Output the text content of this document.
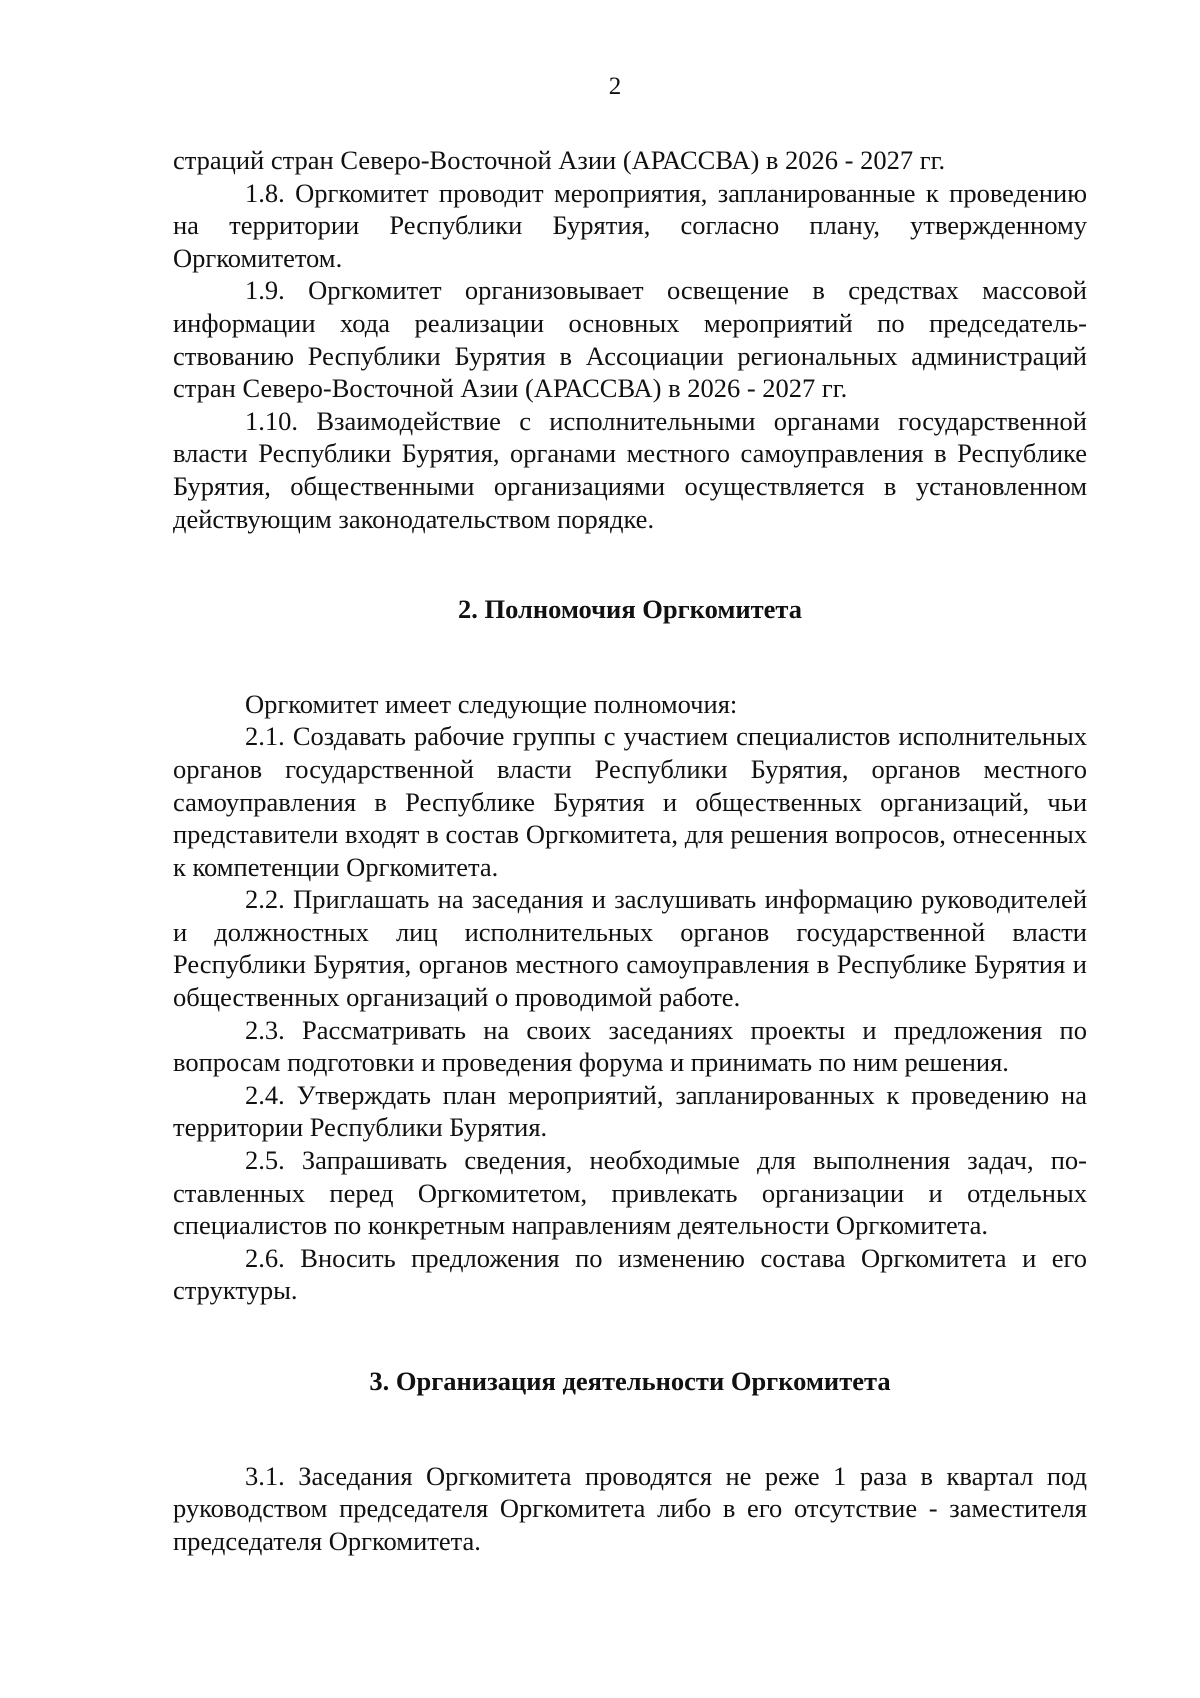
2

страций стран Северо-Восточной Азии (АРАССВА) в 2026 - 2027 гг.

1.8. Оргкомитет проводит мероприятия, запланированные к проведению на территории Республики Бурятия, согласно плану, утвержденному Оргкомитетом.

1.9. Оргкомитет организовывает освещение в средствах массовой информации хода реализации основных мероприятий по председательствованию Республики Бурятия в Ассоциации региональных администраций стран Северо-Восточной Азии (АРАССВА) в 2026 - 2027 гг.

1.10. Взаимодействие с исполнительными органами государственной власти Республики Бурятия, органами местного самоуправления в Республике Бурятия, общественными организациями осуществляется в установленном действующим законодательством порядке.

2. Полномочия Оргкомитета

Оргкомитет имеет следующие полномочия:

2.1. Создавать рабочие группы с участием специалистов исполнительных органов государственной власти Республики Бурятия, органов местного самоуправления в Республике Бурятия и общественных организаций, чьи представители входят в состав Оргкомитета, для решения вопросов, отнесенных к компетенции Оргкомитета.

2.2. Приглашать на заседания и заслушивать информацию руководителей и должностных лиц исполнительных органов государственной власти Республики Бурятия, органов местного самоуправления в Республике Бурятия и общественных организаций о проводимой работе.

2.3. Рассматривать на своих заседаниях проекты и предложения по вопросам подготовки и проведения форума и принимать по ним решения.

2.4. Утверждать план мероприятий, запланированных к проведению на территории Республики Бурятия.

2.5. Запрашивать сведения, необходимые для выполнения задач, поставленных перед Оргкомитетом, привлекать организации и отдельных специалистов по конкретным направлениям деятельности Оргкомитета.

2.6. Вносить предложения по изменению состава Оргкомитета и его структуры.

3. Организация деятельности Оргкомитета

3.1. Заседания Оргкомитета проводятся не реже 1 раза в квартал под руководством председателя Оргкомитета либо в его отсутствие - заместителя председателя Оргкомитета.
